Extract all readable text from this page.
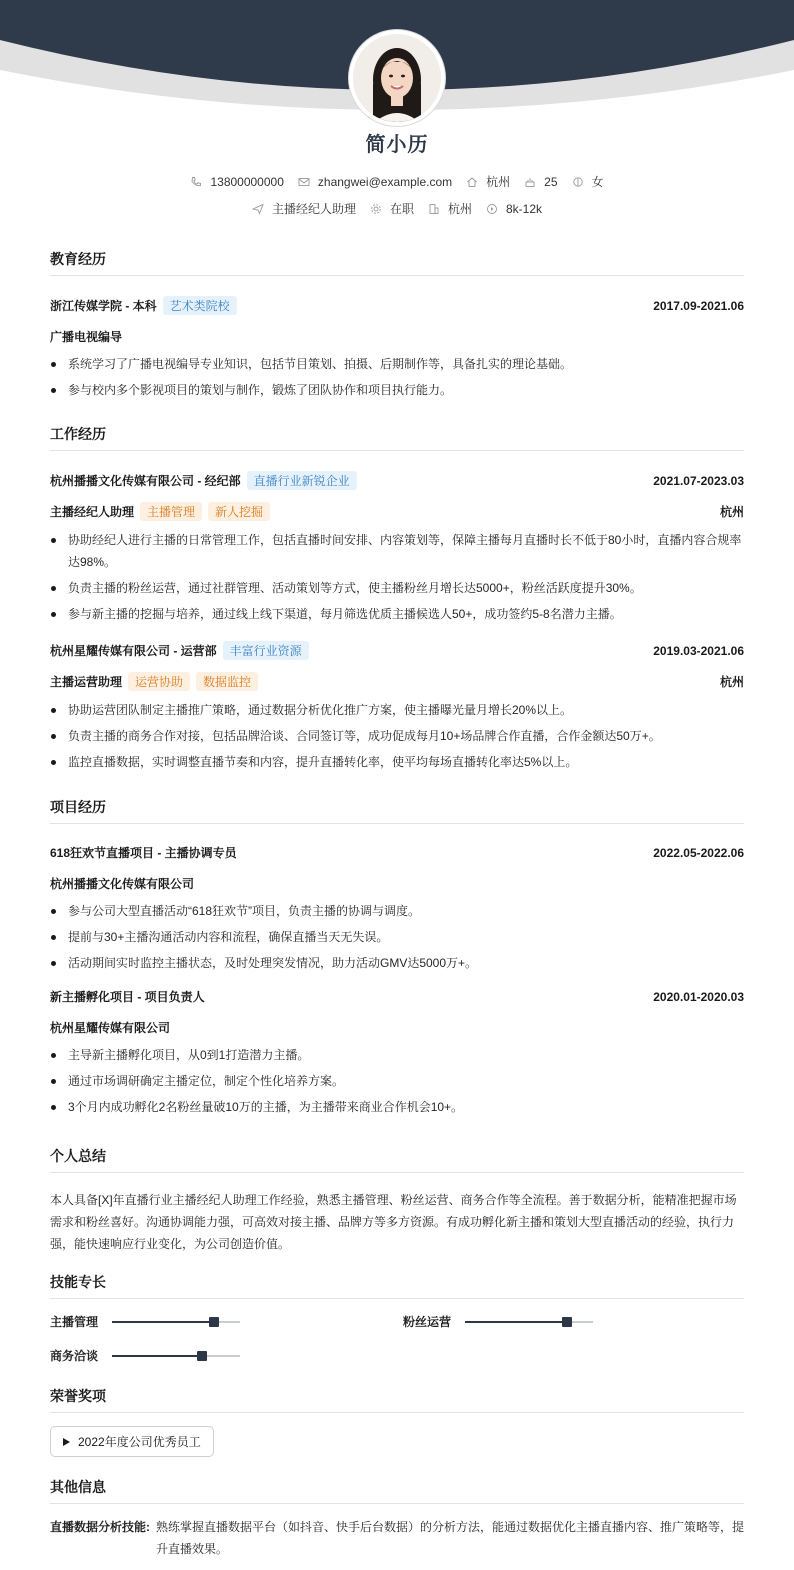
简小历
13800000000	zhangwei@example.com	杭州	25	女
主播经纪人助理	在职	杭州	8k-12k
教育经历
浙江传媒学院 - 本科 艺术类院校	2017.09-2021.06
广播电视编导
系统学习了广播电视编导专业知识，包括节目策划、拍摄、后期制作等，具备扎实的理论基础。
参与校内多个影视项目的策划与制作，锻炼了团队协作和项目执行能力。
工作经历
杭州播播文化传媒有限公司 - 经纪部 直播行业新锐企业	2021.07-2023.03
主播经纪人助理 主播管理 新人挖掘	杭州
协助经纪人进行主播的日常管理工作，包括直播时间安排、内容策划等，保障主播每月直播时长不低于80小时，直播内容合规率达98%。
负责主播的粉丝运营，通过社群管理、活动策划等方式，使主播粉丝月增长达5000+，粉丝活跃度提升30%。
参与新主播的挖掘与培养，通过线上线下渠道，每月筛选优质主播候选人50+，成功签约5-8名潜力主播。
杭州星耀传媒有限公司 - 运营部 丰富行业资源	2019.03-2021.06
主播运营助理 运营协助 数据监控	杭州
协助运营团队制定主播推广策略，通过数据分析优化推广方案，使主播曝光量月增长20%以上。
负责主播的商务合作对接，包括品牌洽谈、合同签订等，成功促成每月10+场品牌合作直播，合作金额达50万+。
监控直播数据，实时调整直播节奏和内容，提升直播转化率，使平均每场直播转化率达5%以上。
项目经历
618狂欢节直播项目 - 主播协调专员	2022.05-2022.06
杭州播播文化传媒有限公司
参与公司大型直播活动“618狂欢节”项目，负责主播的协调与调度。
提前与30+主播沟通活动内容和流程，确保直播当天无失误。
活动期间实时监控主播状态，及时处理突发情况，助力活动GMV达5000万+。
新主播孵化项目 - 项目负责人	2020.01-2020.03
杭州星耀传媒有限公司
主导新主播孵化项目，从0到1打造潜力主播。
通过市场调研确定主播定位，制定个性化培养方案。
3个月内成功孵化2名粉丝量破10万的主播，为主播带来商业合作机会10+。
个人总结
本人具备[X]年直播行业主播经纪人助理工作经验，熟悉主播管理、粉丝运营、商务合作等全流程。善于数据分析，能精准把握市场需求和粉丝喜好。沟通协调能力强，可高效对接主播、品牌方等多方资源。有成功孵化新主播和策划大型直播活动的经验，执行力强，能快速响应行业变化，为公司创造价值。
技能专长
主播管理	粉丝运营
商务洽谈
荣誉奖项
2022年度公司优秀员工
其他信息
直播数据分析技能: 熟练掌握直播数据平台（如抖音、快手后台数据）的分析方法，能通过数据优化主播直播内容、推广策略等，提升直播效果。
